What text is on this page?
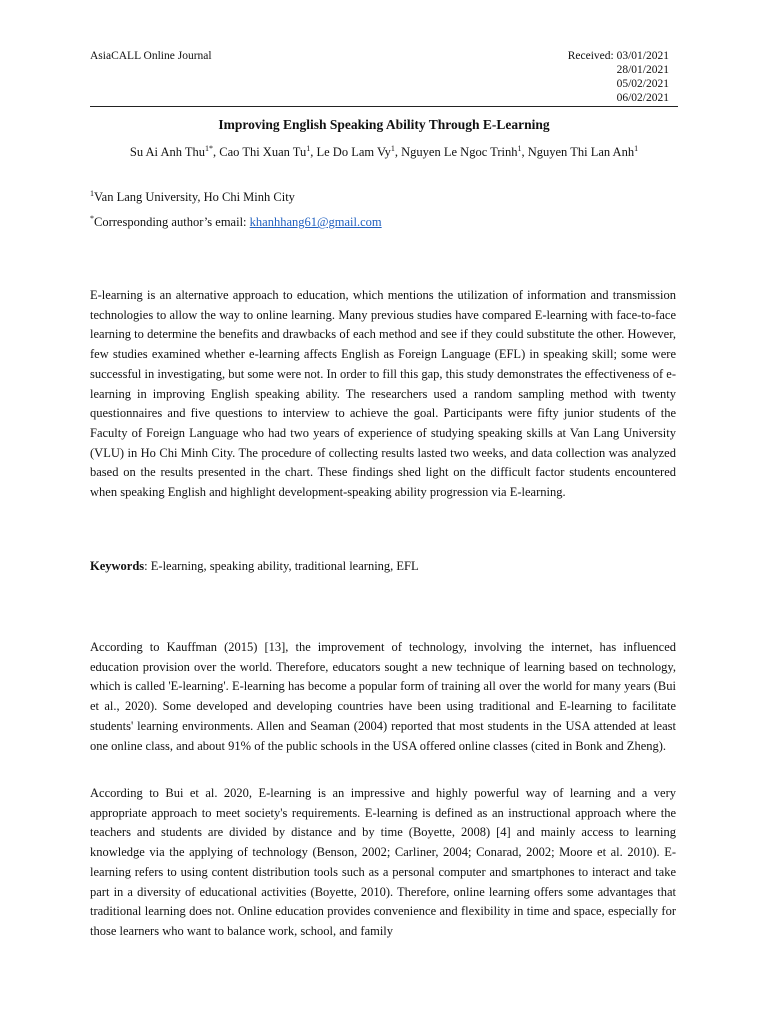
AsiaCALL Online Journal	Received: 03/01/2021
28/01/2021
05/02/2021
06/02/2021
Improving English Speaking Ability Through E-Learning
Su Ai Anh Thu$^{1*}$, Cao Thi Xuan Tu$^1$, Le Do Lam Vy$^1$, Nguyen Le Ngoc Trinh$^1$, Nguyen Thi Lan Anh$^1$
$^1$Van Lang University, Ho Chi Minh City
*Corresponding author’s email: khanhhang61@gmail.com

E-learning is an alternative approach to education, which mentions the utilization of information and transmission technologies to allow the way to online learning. Many previous studies have compared E-learning with face-to-face learning to determine the benefits and drawbacks of each method and see if they could substitute the other. However, few studies examined whether e-learning affects English as Foreign Language (EFL) in speaking skill; some were successful in investigating, but some were not. In order to fill this gap, this study demonstrates the effectiveness of e-learning in improving English speaking ability. The researchers used a random sampling method with twenty questionnaires and five questions to interview to achieve the goal. Participants were fifty junior students of the Faculty of Foreign Language who had two years of experience of studying speaking skills at Van Lang University (VLU) in Ho Chi Minh City. The procedure of collecting results lasted two weeks, and data collection was analyzed based on the results presented in the chart. These findings shed light on the difficult factor students encountered when speaking English and highlight development-speaking ability progression via E-learning.

Keywords: E-learning, speaking ability, traditional learning, EFL

According to Kauffman (2015) [13], the improvement of technology, involving the internet, has influenced education provision over the world. Therefore, educators sought a new technique of learning based on technology, which is called 'E-learning'. E-learning has become a popular form of training all over the world for many years (Bui et al., 2020). Some developed and developing countries have been using traditional and E-learning to facilitate students' learning environments. Allen and Seaman (2004) reported that most students in the USA attended at least one online class, and about 91% of the public schools in the USA offered online classes (cited in Bonk and Zheng).

According to Bui et al. 2020, E-learning is an impressive and highly powerful way of learning and a very appropriate approach to meet society's requirements. E-learning is defined as an instructional approach where the teachers and students are divided by distance and by time (Boyette, 2008) [4] and mainly access to learning knowledge via the applying of technology (Benson, 2002; Carliner, 2004; Conarad, 2002; Moore et al. 2010). E-learning refers to using content distribution tools such as a personal computer and smartphones to interact and take part in a diversity of educational activities (Boyette, 2010). Therefore, online learning offers some advantages that traditional learning does not. Online education provides convenience and flexibility in time and space, especially for those learners who want to balance work, school, and family
